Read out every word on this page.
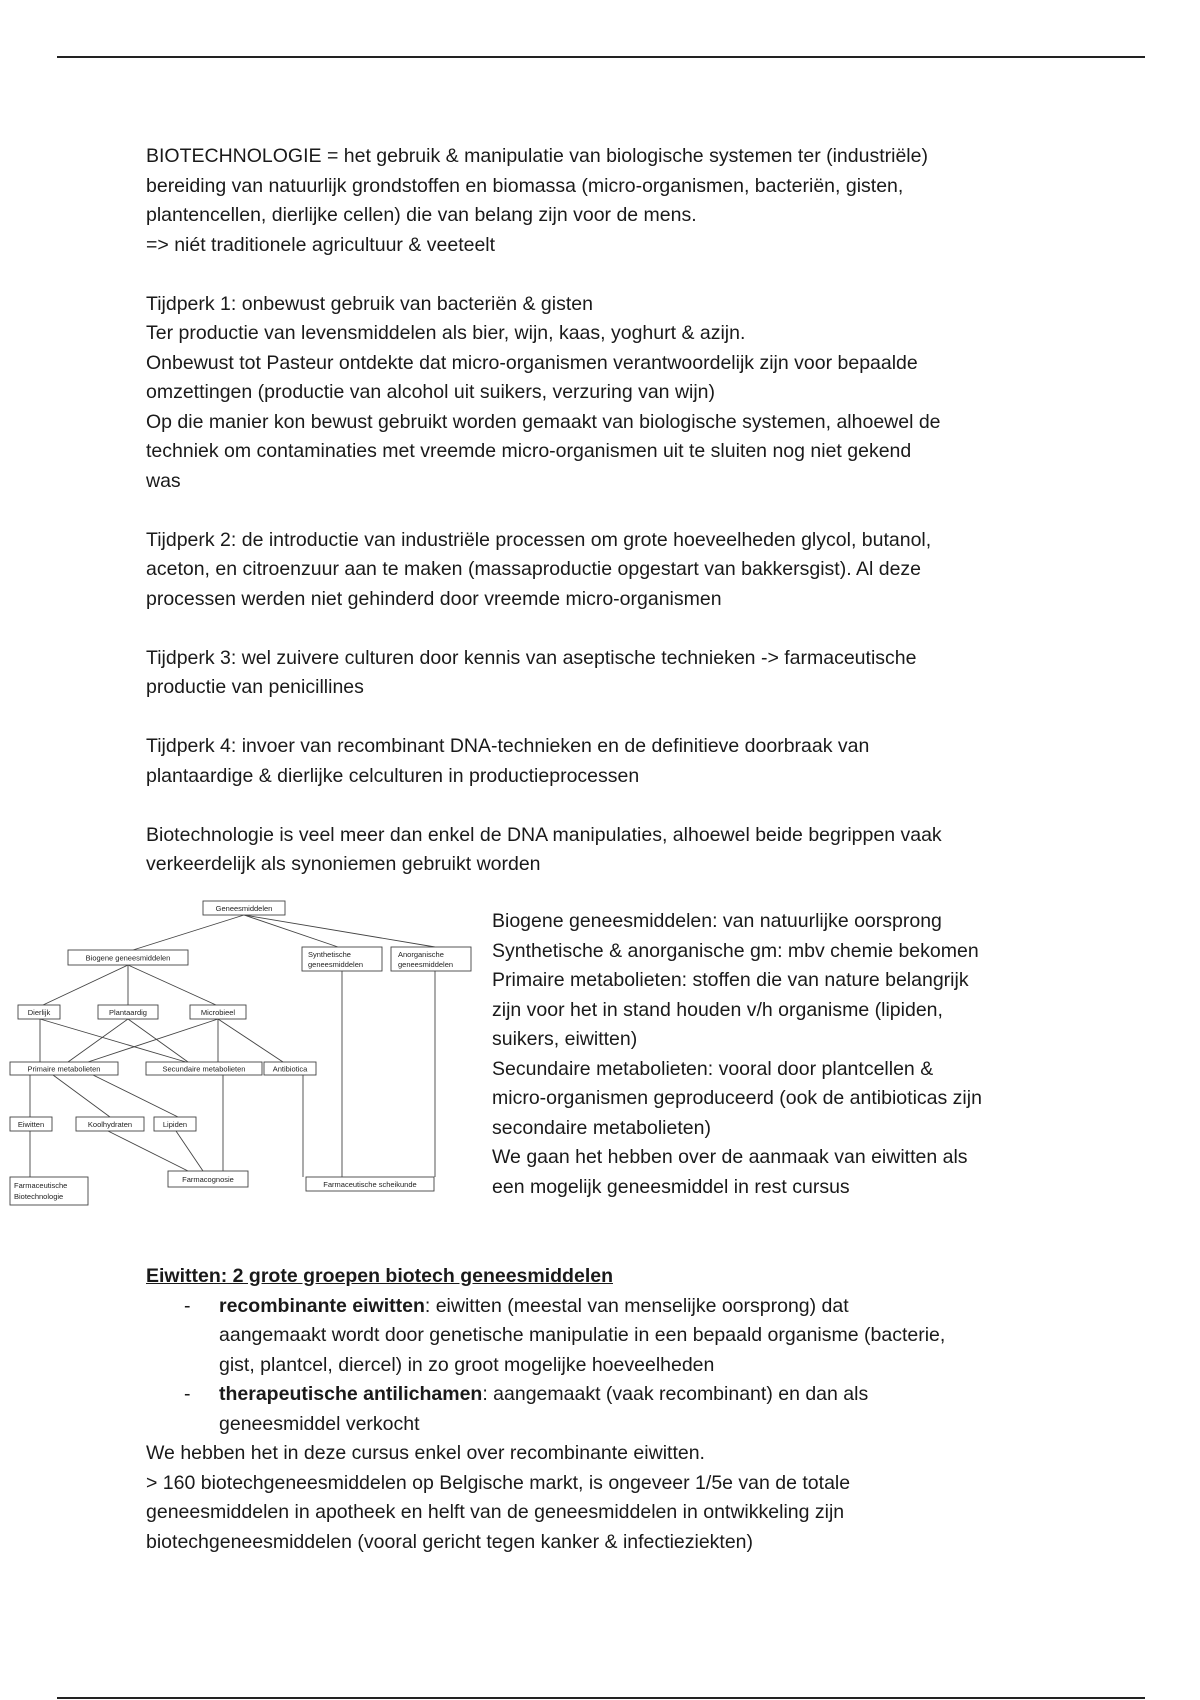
BIOTECHNOLOGIE = het gebruik & manipulatie van biologische systemen ter (industriële)
bereiding van natuurlijk grondstoffen en biomassa (micro-organismen, bacteriën, gisten,
plantencellen, dierlijke cellen) die van belang zijn voor de mens.
=> niét traditionele agricultuur & veeteelt

Tijdperk 1: onbewust gebruik van bacteriën & gisten
Ter productie van levensmiddelen als bier, wijn, kaas, yoghurt & azijn.
Onbewust tot Pasteur ontdekte dat micro-organismen verantwoordelijk zijn voor bepaalde
omzettingen (productie van alcohol uit suikers, verzuring van wijn)
Op die manier kon bewust gebruikt worden gemaakt van biologische systemen, alhoewel de
techniek om contaminaties met vreemde micro-organismen uit te sluiten nog niet gekend
was

Tijdperk 2: de introductie van industriële processen om grote hoeveelheden glycol, butanol,
aceton, en citroenzuur aan te maken (massaproductie opgestart van bakkersgist). Al deze
processen werden niet gehinderd door vreemde micro-organismen

Tijdperk 3: wel zuivere culturen door kennis van aseptische technieken -> farmaceutische
productie van penicillines

Tijdperk 4: invoer van recombinant DNA-technieken en de definitieve doorbraak van
plantaardige & dierlijke celculturen in productieprocessen

Biotechnologie is veel meer dan enkel de DNA manipulaties, alhoewel beide begrippen vaak
verkeerdelijk als synoniemen gebruikt worden

Geneesmiddelen
Biogene geneesmiddelen	Synthetische
geneesmiddelen
Anorganische
geneesmiddelen
Dierlijk	Plantaardig	Microbieel
Primaire metabolieten	Secundaire metabolieten	Antibiotica
Eiwitten	Koolhydraten	Lipiden
Farmaceutische
Biotechnologie
Farmacognosie
Farmaceutische scheikunde
Biogene geneesmiddelen: van natuurlijke oorsprong
Synthetische & anorganische gm: mbv chemie bekomen
Primaire metabolieten: stoffen die van nature belangrijk
zijn voor het in stand houden v/h organisme (lipiden,
suikers, eiwitten)
Secundaire metabolieten: vooral door plantcellen &
micro-organismen geproduceerd (ook de antibioticas zijn
secondaire metabolieten)
We gaan het hebben over de aanmaak van eiwitten als
een mogelijk geneesmiddel in rest cursus
Eiwitten: 2 grote groepen biotech geneesmiddelen
- recombinante eiwitten: eiwitten (meestal van menselijke oorsprong) dat
aangemaakt wordt door genetische manipulatie in een bepaald organisme (bacterie,
gist, plantcel, diercel) in zo groot mogelijke hoeveelheden
- therapeutische antilichamen: aangemaakt (vaak recombinant) en dan als
geneesmiddel verkocht

We hebben het in deze cursus enkel over recombinante eiwitten.
> 160 biotechgeneesmiddelen op Belgische markt, is ongeveer 1/5e van de totale
geneesmiddelen in apotheek en helft van de geneesmiddelen in ontwikkeling zijn
biotechgeneesmiddelen (vooral gericht tegen kanker & infectieziekten)
